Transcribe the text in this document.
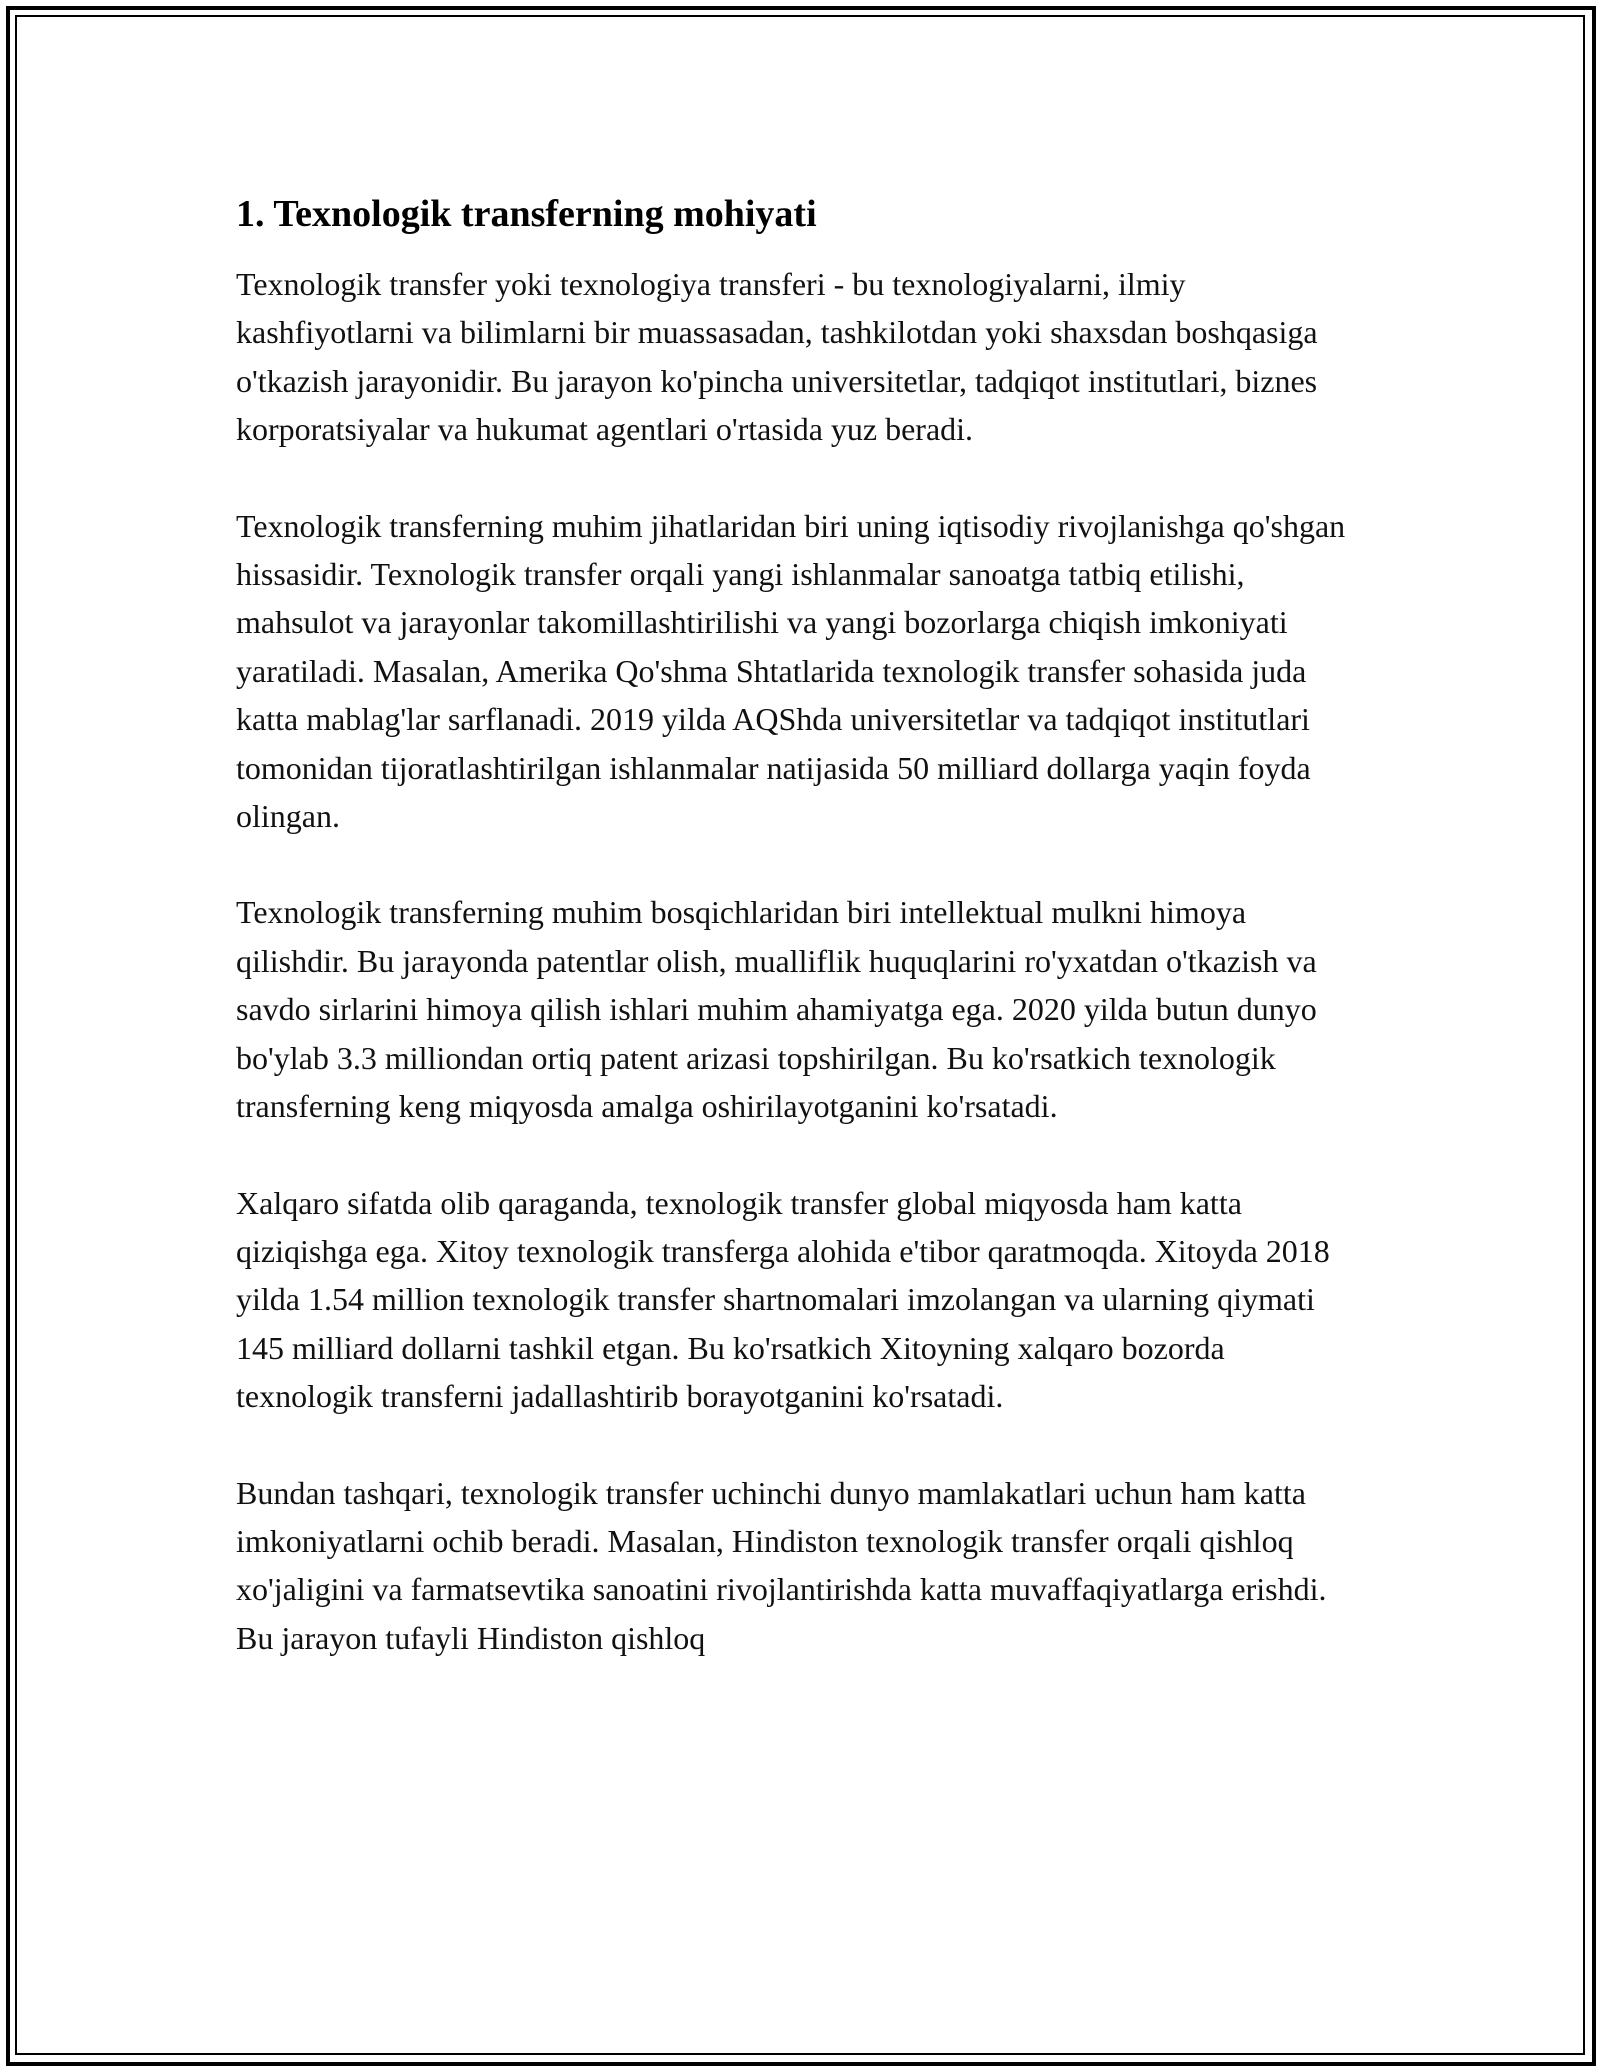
1. Texnologik transferning mohiyati

Texnologik transfer yoki texnologiya transferi - bu texnologiyalarni, ilmiy kashfiyotlarni va bilimlarni bir muassasadan, tashkilotdan yoki shaxsdan boshqasiga o'tkazish jarayonidir. Bu jarayon ko'pincha universitetlar, tadqiqot institutlari, biznes korporatsiyalar va hukumat agentlari o'rtasida yuz beradi.

Texnologik transferning muhim jihatlaridan biri uning iqtisodiy rivojlanishga qo'shgan hissasidir. Texnologik transfer orqali yangi ishlanmalar sanoatga tatbiq etilishi, mahsulot va jarayonlar takomillashtirilishi va yangi bozorlarga chiqish imkoniyati yaratiladi. Masalan, Amerika Qo'shma Shtatlarida texnologik transfer sohasida juda katta mablag'lar sarflanadi. 2019 yilda AQShda universitetlar va tadqiqot institutlari tomonidan tijoratlashtirilgan ishlanmalar natijasida 50 milliard dollarga yaqin foyda olingan.

Texnologik transferning muhim bosqichlaridan biri intellektual mulkni himoya qilishdir. Bu jarayonda patentlar olish, mualliflik huquqlarini ro'yxatdan o'tkazish va savdo sirlarini himoya qilish ishlari muhim ahamiyatga ega. 2020 yilda butun dunyo bo'ylab 3.3 milliondan ortiq patent arizasi topshirilgan. Bu ko'rsatkich texnologik transferning keng miqyosda amalga oshirilayotganini ko'rsatadi.

Xalqaro sifatda olib qaraganda, texnologik transfer global miqyosda ham katta qiziqishga ega. Xitoy texnologik transferga alohida e'tibor qaratmoqda. Xitoyda 2018 yilda 1.54 million texnologik transfer shartnomalari imzolangan va ularning qiymati 145 milliard dollarni tashkil etgan. Bu ko'rsatkich Xitoyning xalqaro bozorda texnologik transferni jadallashtirib borayotganini ko'rsatadi.

Bundan tashqari, texnologik transfer uchinchi dunyo mamlakatlari uchun ham katta imkoniyatlarni ochib beradi. Masalan, Hindiston texnologik transfer orqali qishloq xo'jaligini va farmatsevtika sanoatini rivojlantirishda katta muvaffaqiyatlarga erishdi. Bu jarayon tufayli Hindiston qishloq
